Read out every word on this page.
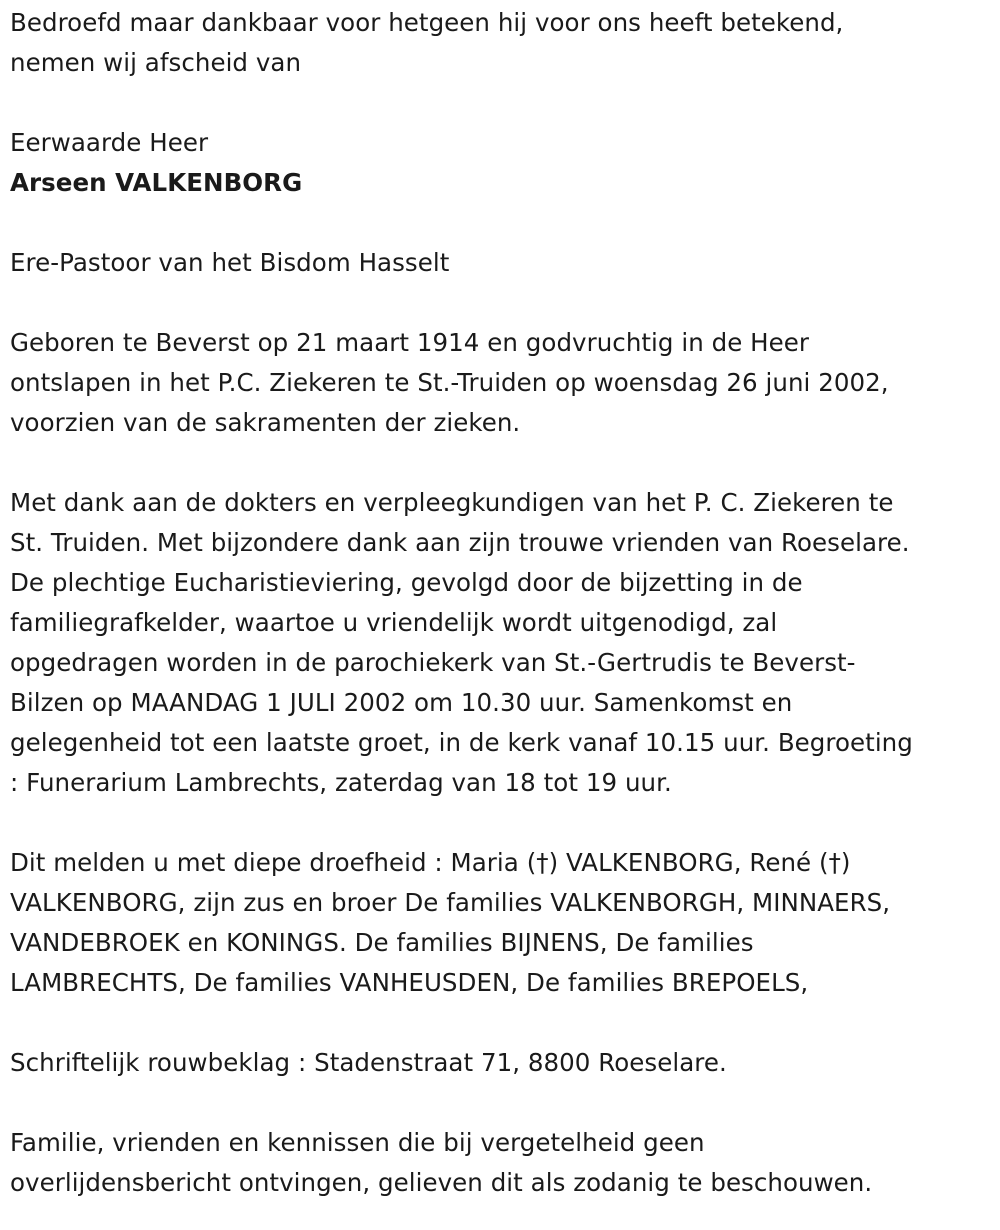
Bedroefd maar dankbaar voor hetgeen hij voor ons heeft betekend,
nemen wij afscheid van
Eerwaarde Heer
Arseen VALKENBORG
Ere-Pastoor van het Bisdom Hasselt
Geboren te Beverst op 21 maart 1914 en godvruchtig in de Heer
ontslapen in het P.C. Ziekeren te St.-Truiden op woensdag 26 juni 2002,
voorzien van de sakramenten der zieken.
Met dank aan de dokters en verpleegkundigen van het P. C. Ziekeren te
St. Truiden. Met bijzondere dank aan zijn trouwe vrienden van Roeselare.
De plechtige Eucharistieviering, gevolgd door de bijzetting in de
familiegrafkelder, waartoe u vriendelijk wordt uitgenodigd, zal
opgedragen worden in de parochiekerk van St.-Gertrudis te Beverst-
Bilzen op MAANDAG 1 JULI 2002 om 10.30 uur. Samenkomst en
gelegenheid tot een laatste groet, in de kerk vanaf 10.15 uur. Begroeting
: Funerarium Lambrechts, zaterdag van 18 tot 19 uur.
Dit melden u met diepe droefheid : Maria (†) VALKENBORG, René (†)
VALKENBORG, zijn zus en broer De families VALKENBORGH, MINNAERS,
VANDEBROEK en KONINGS. De families BIJNENS, De families
LAMBRECHTS, De families VANHEUSDEN, De families BREPOELS,
Schriftelijk rouwbeklag : Stadenstraat 71, 8800 Roeselare.
Familie, vrienden en kennissen die bij vergetelheid geen
overlijdensbericht ontvingen, gelieven dit als zodanig te beschouwen.
